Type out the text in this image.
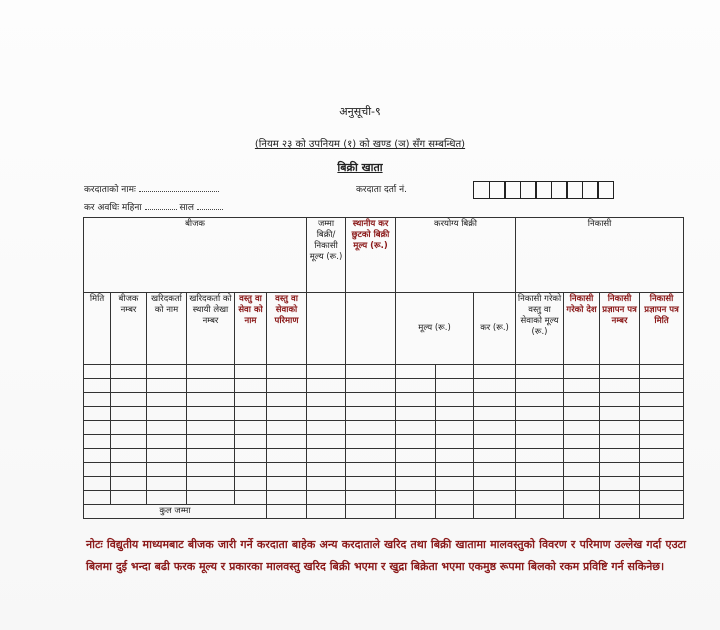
अनुसूची-९
(नियम २३ को उपनियम (१) को खण्ड (ञ) सँग सम्बन्धित)
बिक्री खाता
करदाताको नामः	करदाता दर्ता नं.
कर अवधिः महिना	साल
बीजक						जम्मा बिक्री/निकासी मूल्य (रू.)	स्थानीय कर छुटको बिक्री मूल्य (रू.)	करयोग्य बिक्री			निकासी			
मिति	बीजक नम्बर	खरिदकर्ता को नाम	खरिदकर्ता को स्थायी लेखा नम्बर	वस्तु वा सेवा को नाम	वस्तु वा सेवाको परिमाण			मूल्य (रू.)		कर (रू.)	निकासी गरेको वस्तु वा सेवाको मूल्य (रू.)	निकासी गरेको देश	निकासी प्रज्ञापन पत्र नम्बर	निकासी प्रज्ञापन पत्र मिति

कुल जम्मा														
नोटः विद्युतीय माध्यमबाट बीजक जारी गर्ने करदाता बाहेक अन्य करदाताले खरिद तथा बिक्री खातामा मालवस्तुको विवरण र परिमाण उल्लेख गर्दा एउटा बिलमा दुई भन्दा बढी फरक मूल्य र प्रकारका मालवस्तु खरिद बिक्री भएमा र खुद्रा बिक्रेता भएमा एकमुष्ठ रूपमा बिलको रकम प्रविष्टि गर्न सकिनेछ।
